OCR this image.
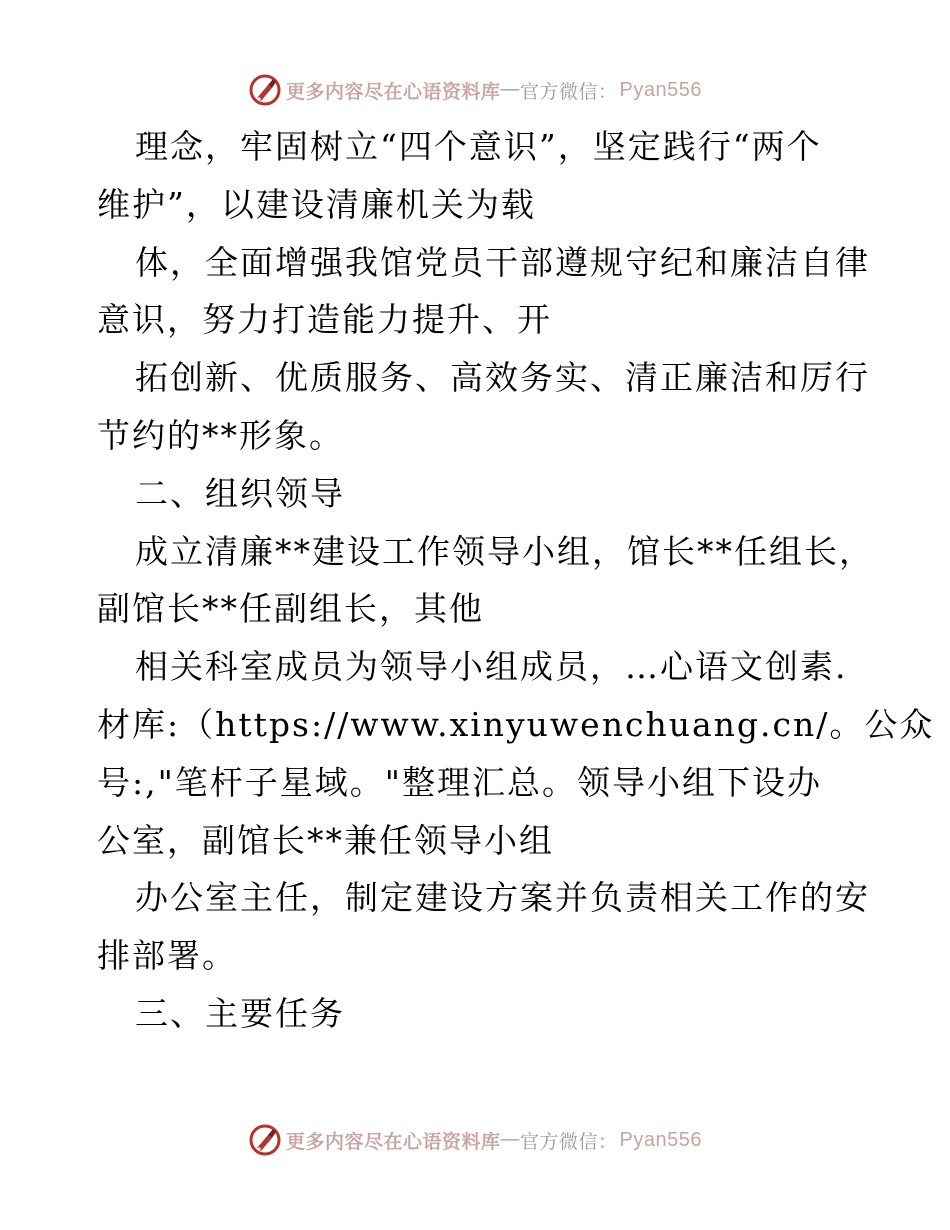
更多内容尽在心语资料库 — 官方微信： Pyan556
理念，牢固树立“四个意识”，坚定践行“两个
维护”，以建设清廉机关为载
体，全面增强我馆党员干部遵规守纪和廉洁自律
意识，努力打造能力提升、开
拓创新、优质服务、高效务实、清正廉洁和厉行
节约的**形象。
二、组织领导
成立清廉**建设工作领导小组，馆长**任组长，
副馆长**任副组长，其他
相关科室成员为领导小组成员，…心语文创素.
材库:（https://www.xinyuwenchuang.cn/。公众
号:,"笔杆子星域。"整理汇总。领导小组下设办
公室，副馆长**兼任领导小组
办公室主任，制定建设方案并负责相关工作的安
排部署。
三、主要任务
更多内容尽在心语资料库 — 官方微信： Pyan556
